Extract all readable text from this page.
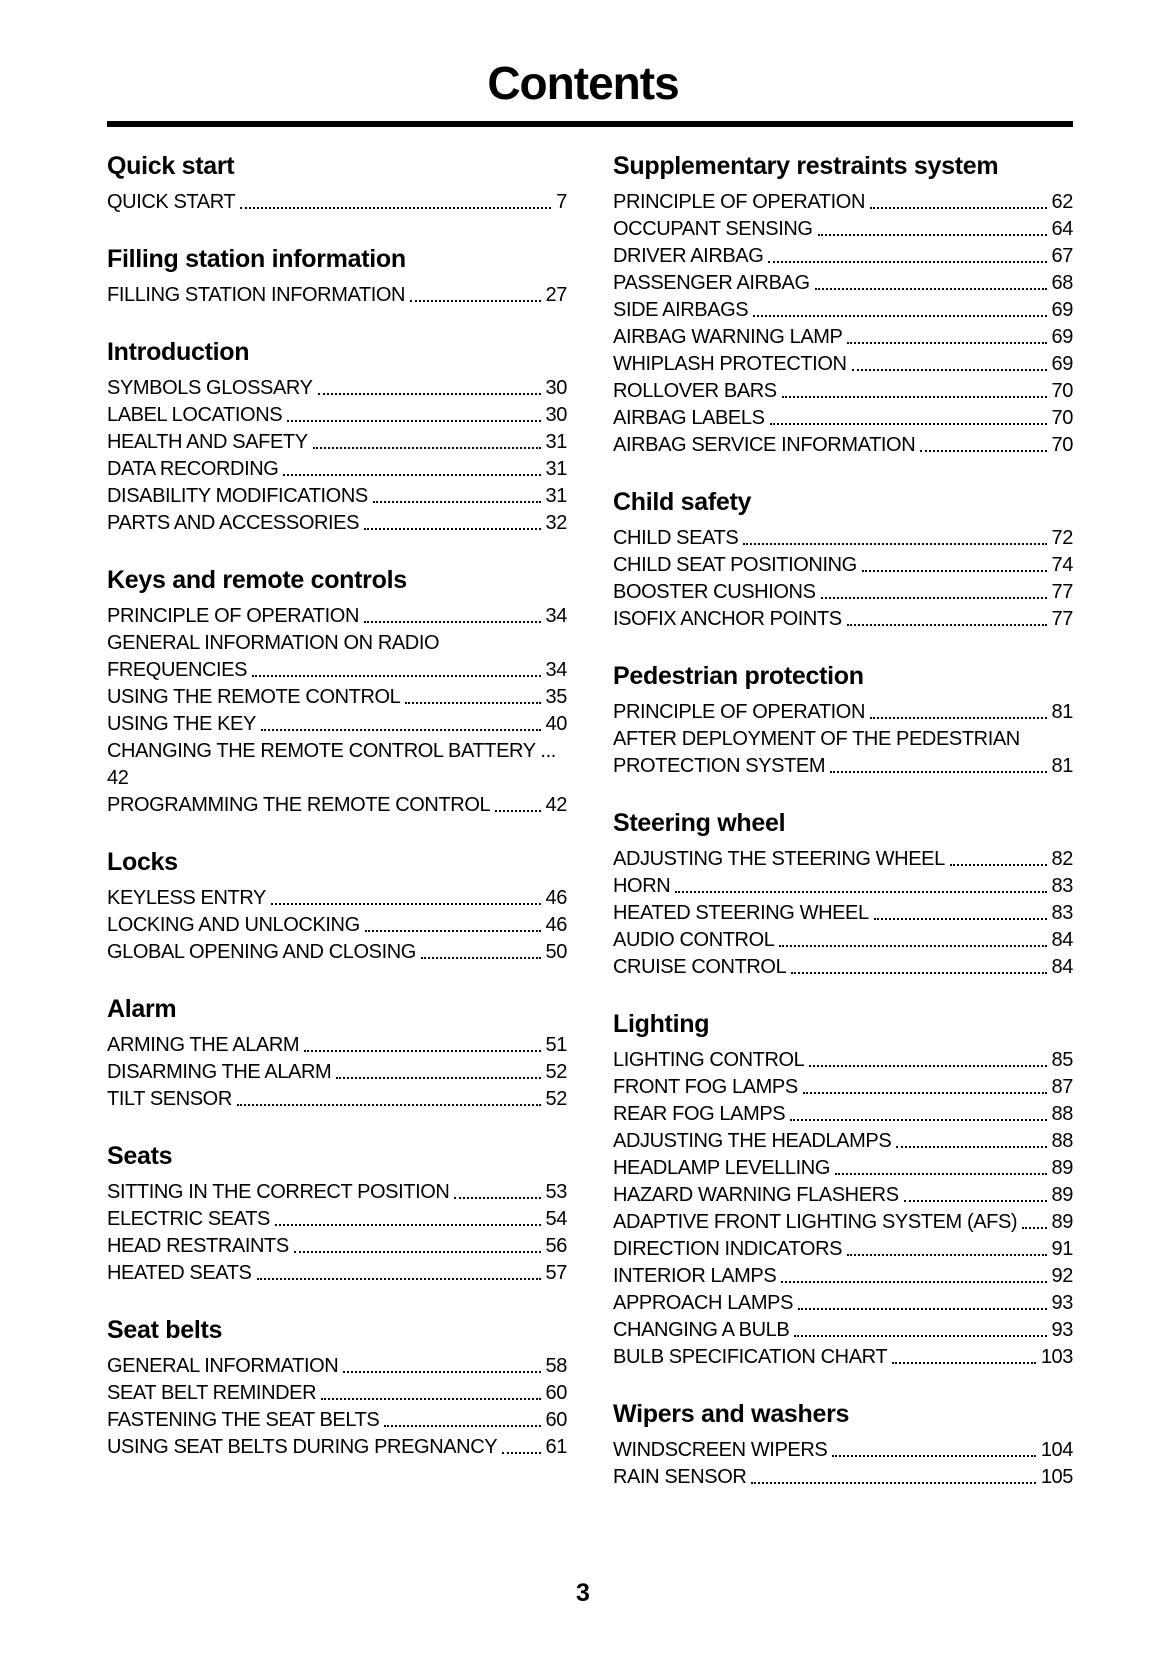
Contents
Quick start
QUICK START	7
Filling station information
FILLING STATION INFORMATION	27
Introduction
SYMBOLS GLOSSARY	30
LABEL LOCATIONS	30
HEALTH AND SAFETY	31
DATA RECORDING	31
DISABILITY MODIFICATIONS	31
PARTS AND ACCESSORIES	32
Keys and remote controls
PRINCIPLE OF OPERATION	34
GENERAL INFORMATION ON RADIO
FREQUENCIES	34
USING THE REMOTE CONTROL	35
USING THE KEY	40
CHANGING THE REMOTE CONTROL BATTERY ...
42
PROGRAMMING THE REMOTE CONTROL	42
Locks
KEYLESS ENTRY	46
LOCKING AND UNLOCKING	46
GLOBAL OPENING AND CLOSING	50
Alarm
ARMING THE ALARM	51
DISARMING THE ALARM	52
TILT SENSOR	52
Seats
SITTING IN THE CORRECT POSITION	53
ELECTRIC SEATS	54
HEAD RESTRAINTS	56
HEATED SEATS	57
Seat belts
GENERAL INFORMATION	58
SEAT BELT REMINDER	60
FASTENING THE SEAT BELTS	60
USING SEAT BELTS DURING PREGNANCY 61
Supplementary restraints system
PRINCIPLE OF OPERATION	62
OCCUPANT SENSING	64
DRIVER AIRBAG	67
PASSENGER AIRBAG	68
SIDE AIRBAGS	69
AIRBAG WARNING LAMP	69
WHIPLASH PROTECTION	69
ROLLOVER BARS	70
AIRBAG LABELS	70
AIRBAG SERVICE INFORMATION	70
Child safety
CHILD SEATS	72
CHILD SEAT POSITIONING	74
BOOSTER CUSHIONS	77
ISOFIX ANCHOR POINTS	77
Pedestrian protection
PRINCIPLE OF OPERATION	81
AFTER DEPLOYMENT OF THE PEDESTRIAN
PROTECTION SYSTEM	81
Steering wheel
ADJUSTING THE STEERING WHEEL	82
HORN	83
HEATED STEERING WHEEL	83
AUDIO CONTROL	84
CRUISE CONTROL	84
Lighting
LIGHTING CONTROL	85
FRONT FOG LAMPS	87
REAR FOG LAMPS	88
ADJUSTING THE HEADLAMPS	88
HEADLAMP LEVELLING	89
HAZARD WARNING FLASHERS	89
ADAPTIVE FRONT LIGHTING SYSTEM (AFS) 89
DIRECTION INDICATORS	91
INTERIOR LAMPS	92
APPROACH LAMPS	93
CHANGING A BULB	93
BULB SPECIFICATION CHART	103
Wipers and washers
WINDSCREEN WIPERS	104
RAIN SENSOR	105
3
